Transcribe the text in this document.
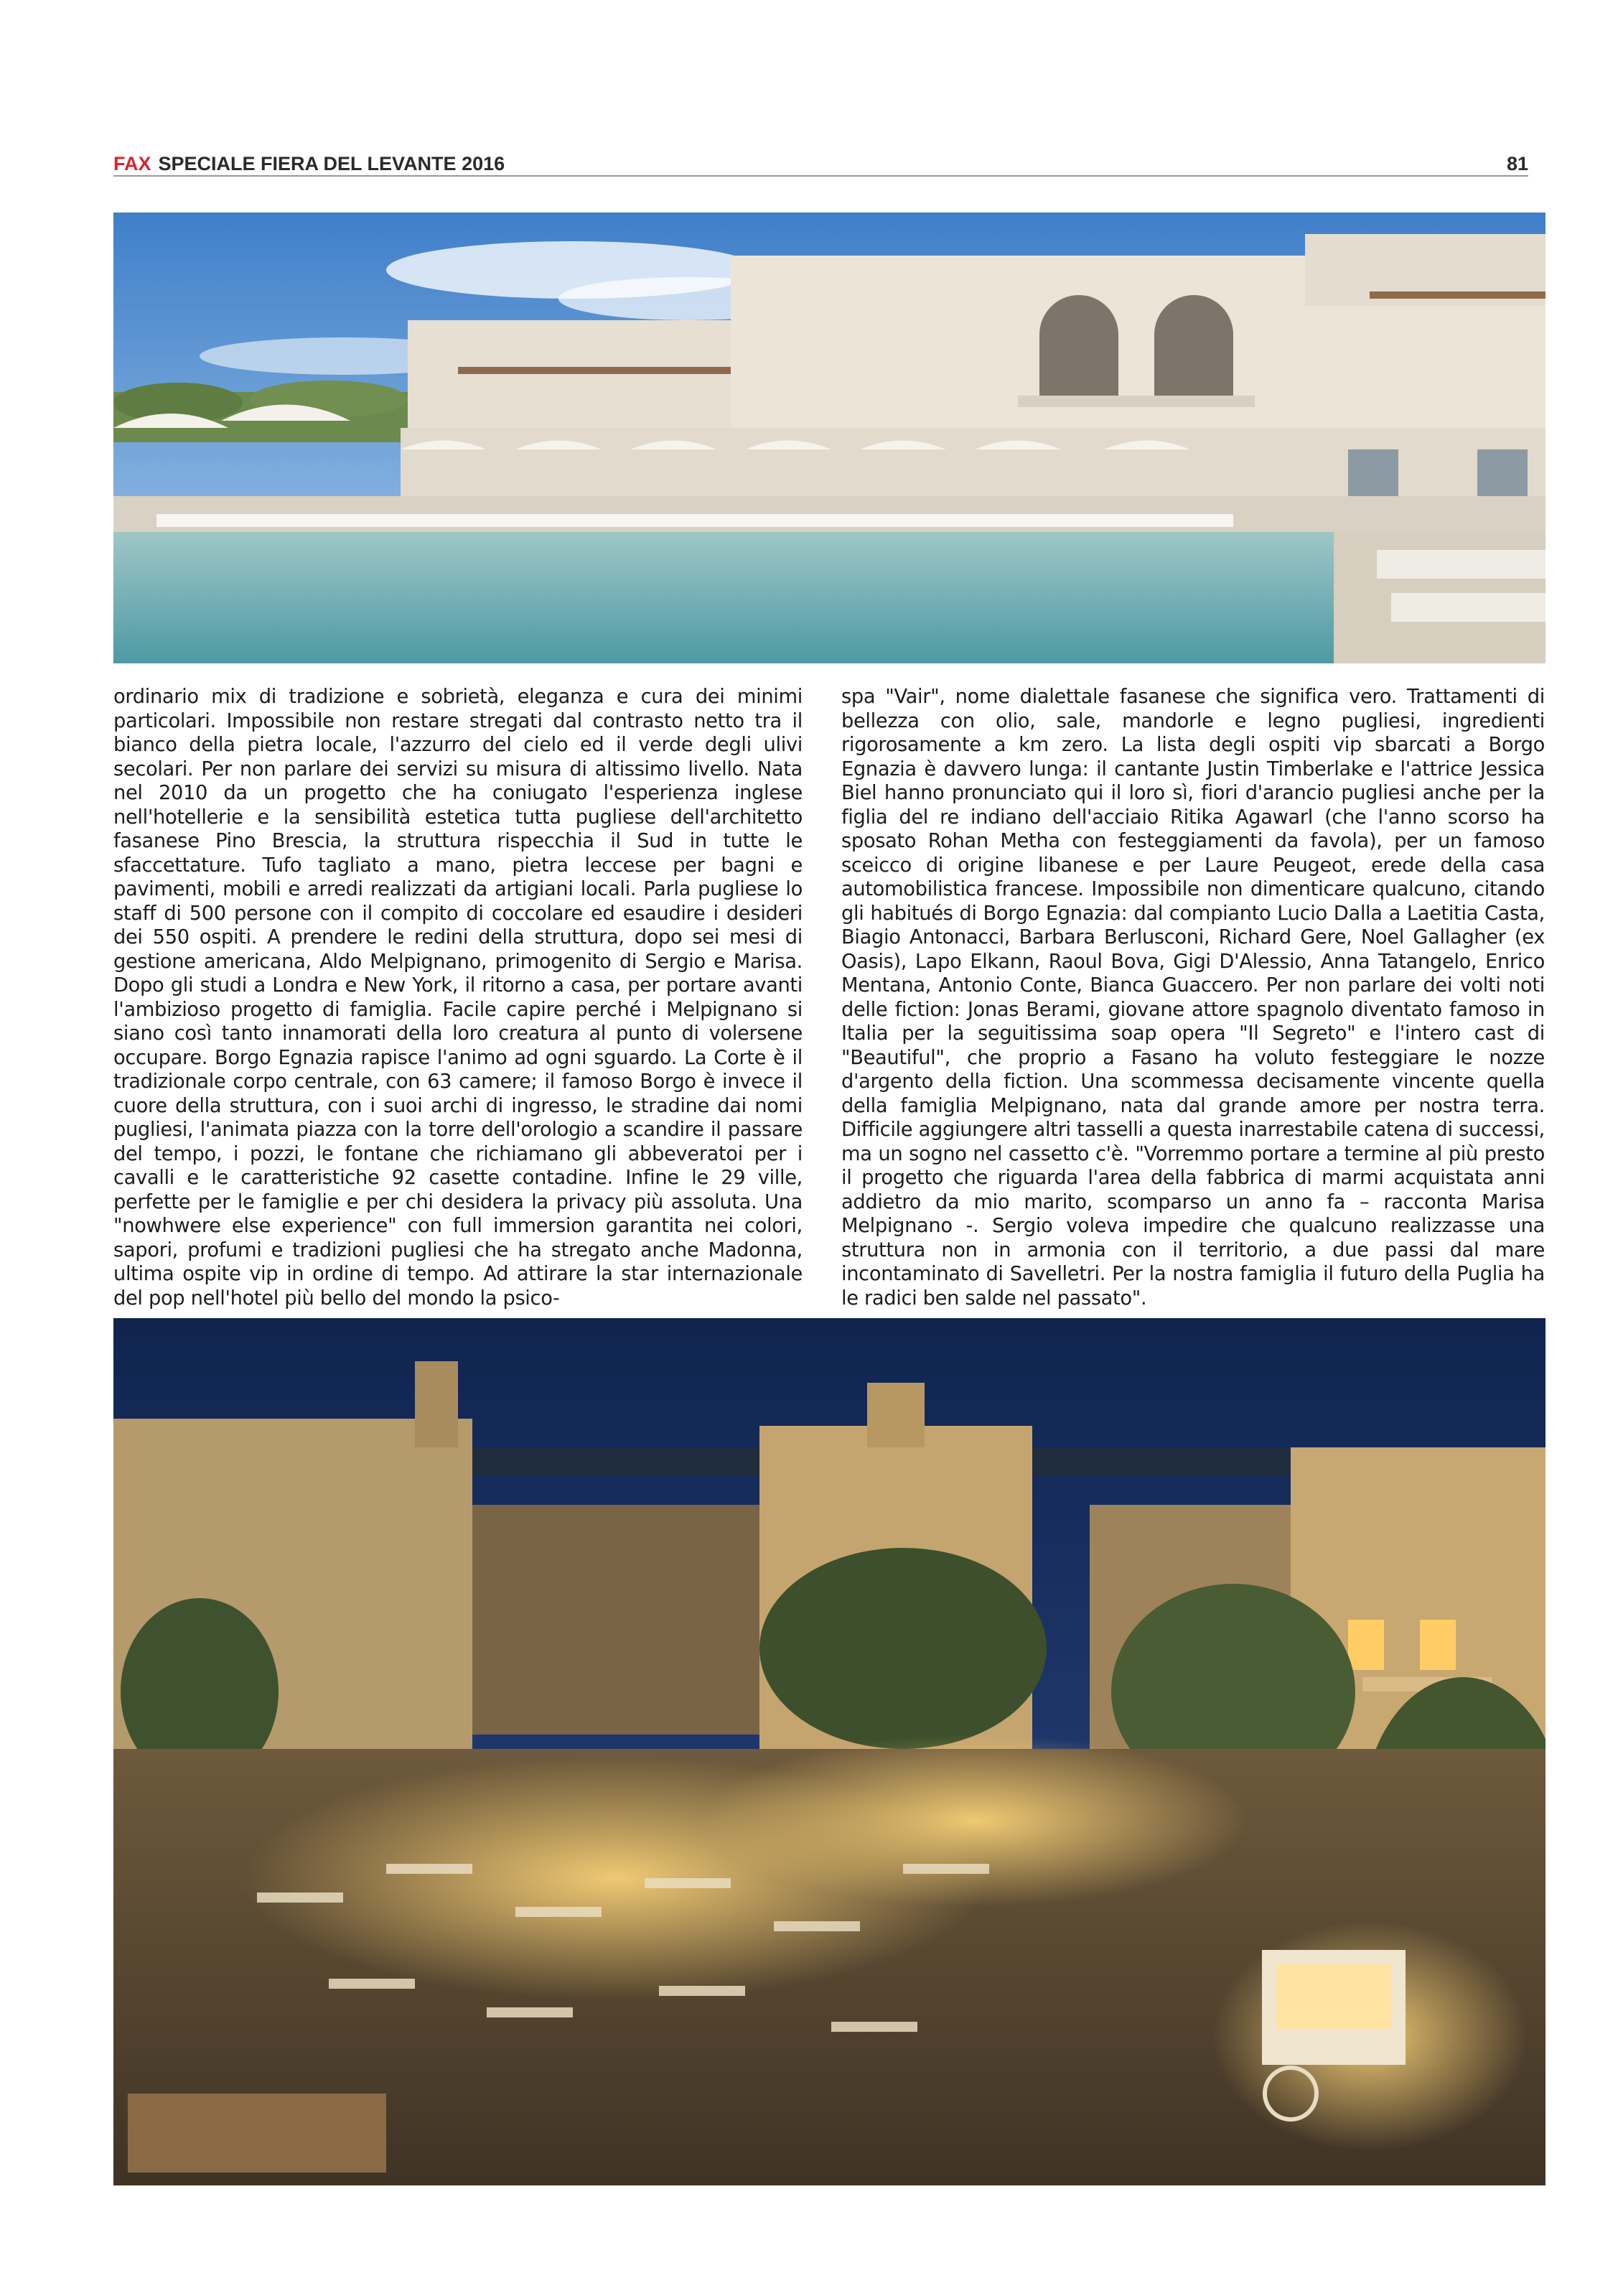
FAX SPECIALE FIERA DEL LEVANTE 2016	81
ordinario mix di tradizione e sobrietà, eleganza e cura dei minimi particolari. Impossibile non restare stregati dal contrasto netto tra il bianco della pietra locale, l'azzurro del cielo ed il verde degli ulivi secolari. Per non parlare dei servizi su misura di altissimo livello. Nata nel 2010 da un progetto che ha coniugato l'esperienza inglese nell'hotellerie e la sensibilità estetica tutta pugliese dell'architetto fasanese Pino Brescia, la struttura rispecchia il Sud in tutte le sfaccettature. Tufo tagliato a mano, pietra leccese per bagni e pavimenti, mobili e arredi realizzati da artigiani locali. Parla pugliese lo staff di 500 persone con il compito di coccolare ed esaudire i desideri dei 550 ospiti. A prendere le redini della struttura, dopo sei mesi di gestione americana, Aldo Melpignano, primogenito di Sergio e Marisa. Dopo gli studi a Londra e New York, il ritorno a casa, per portare avanti l'ambizioso progetto di famiglia. Facile capire perché i Melpignano si siano così tanto innamorati della loro creatura al punto di volersene occupare. Borgo Egnazia rapisce l'animo ad ogni sguardo. La Corte è il tradizionale corpo centrale, con 63 camere; il famoso Borgo è invece il cuore della struttura, con i suoi archi di ingresso, le stradine dai nomi pugliesi, l'animata piazza con la torre dell'orologio a scandire il passare del tempo, i pozzi, le fontane che richiamano gli abbeveratoi per i cavalli e le caratteristiche 92 casette contadine. Infine le 29 ville, perfette per le famiglie e per chi desidera la privacy più assoluta. Una "nowhwere else experience" con full immersion garantita nei colori, sapori, profumi e tradizioni pugliesi che ha stregato anche Madonna, ultima ospite vip in ordine di tempo. Ad attirare la star internazionale del pop nell'hotel più bello del mondo la psico-
spa "Vair", nome dialettale fasanese che significa vero. Trattamenti di bellezza con olio, sale, mandorle e legno pugliesi, ingredienti rigorosamente a km zero. La lista degli ospiti vip sbarcati a Borgo Egnazia è davvero lunga: il cantante Justin Timberlake e l'attrice Jessica Biel hanno pronunciato qui il loro sì, fiori d'arancio pugliesi anche per la figlia del re indiano dell'acciaio Ritika Agawarl (che l'anno scorso ha sposato Rohan Metha con festeggiamenti da favola), per un famoso sceicco di origine libanese e per Laure Peugeot, erede della casa automobilistica francese. Impossibile non dimenticare qualcuno, citando gli habitués di Borgo Egnazia: dal compianto Lucio Dalla a Laetitia Casta, Biagio Antonacci, Barbara Berlusconi, Richard Gere, Noel Gallagher (ex Oasis), Lapo Elkann, Raoul Bova, Gigi D'Alessio, Anna Tatangelo, Enrico Mentana, Antonio Conte, Bianca Guaccero. Per non parlare dei volti noti delle fiction: Jonas Berami, giovane attore spagnolo diventato famoso in Italia per la seguitissima soap opera "Il Segreto" e l'intero cast di "Beautiful", che proprio a Fasano ha voluto festeggiare le nozze d'argento della fiction. Una scommessa decisamente vincente quella della famiglia Melpignano, nata dal grande amore per nostra terra. Difficile aggiungere altri tasselli a questa inarrestabile catena di successi, ma un sogno nel cassetto c'è. "Vorremmo portare a termine al più presto il progetto che riguarda l'area della fabbrica di marmi acquistata anni addietro da mio marito, scomparso un anno fa – racconta Marisa Melpignano -. Sergio voleva impedire che qualcuno realizzasse una struttura non in armonia con il territorio, a due passi dal mare incontaminato di Savelletri. Per la nostra famiglia il futuro della Puglia ha le radici ben salde nel passato".
